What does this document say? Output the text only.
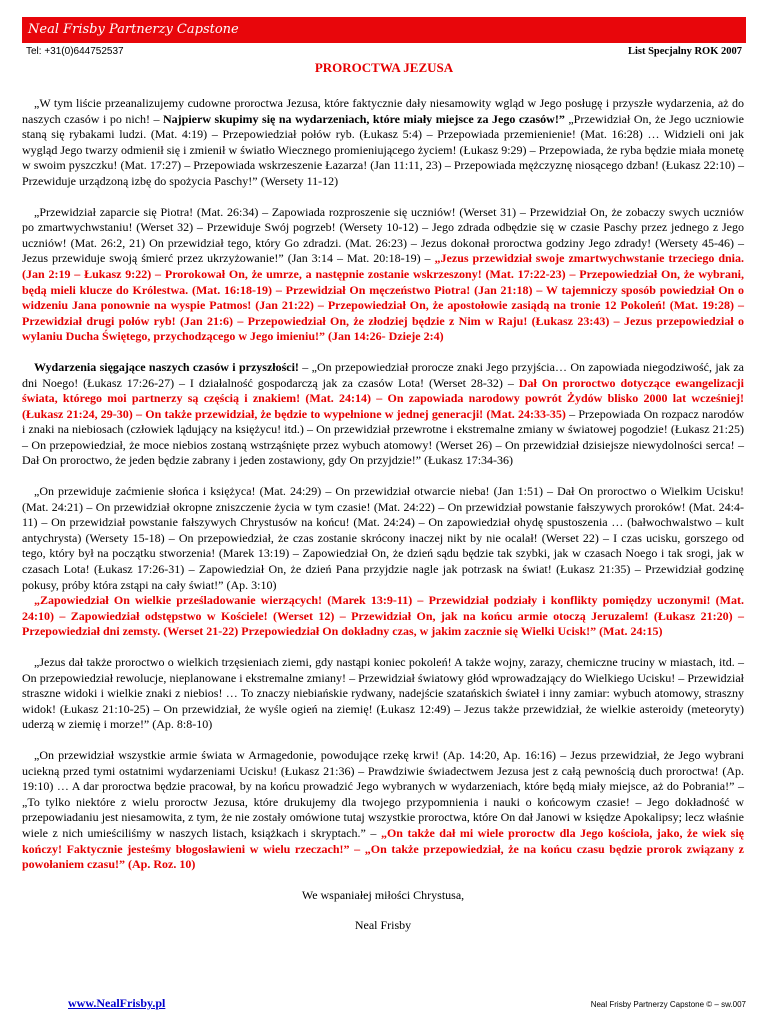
Neal Frisby Partnerzy Capstone
Tel: +31(0)644752537	List Specjalny ROK 2007
PROROCTWA JEZUSA

„W tym liście przeanalizujemy cudowne proroctwa Jezusa, które faktycznie dały niesamowity wgląd w Jego posługę i przyszłe wydarzenia, aż do naszych czasów i po nich! – Najpierw skupimy się na wydarzeniach, które miały miejsce za Jego czasów!” „Przewidział On, że Jego uczniowie staną się rybakami ludzi. (Mat. 4:19) – Przepowiedział połów ryb. (Łukasz 5:4) – Przepowiada przemienienie! (Mat. 16:28) … Widzieli oni jak wygląd Jego twarzy odmienił się i zmienił w światło Wiecznego promieniującego życiem! (Łukasz 9:29) – Przepowiada, że ryba będzie miała monetę w swoim pyszczku! (Mat. 17:27) – Przepowiada wskrzeszenie Łazarza! (Jan 11:11, 23) – Przepowiada mężczyznę niosącego dzban! (Łukasz 22:10) – Przewiduje urządzoną izbę do spożycia Paschy!” (Wersety 11-12)

„Przewidział zaparcie się Piotra! (Mat. 26:34) – Zapowiada rozproszenie się uczniów! (Werset 31) – Przewidział On, że zobaczy swych uczniów po zmartwychwstaniu! (Werset 32) – Przewiduje Swój pogrzeb! (Wersety 10-12) – Jego zdrada odbędzie się w czasie Paschy przez jednego z Jego uczniów! (Mat. 26:2, 21) On przewidział tego, który Go zdradzi. (Mat. 26:23) – Jezus dokonał proroctwa godziny Jego zdrady! (Wersety 45-46) – Jezus przewiduje swoją śmierć przez ukrzyżowanie!” (Jan 3:14 – Mat. 20:18-19) – „Jezus przewidział swoje zmartwychwstanie trzeciego dnia. (Jan 2:19 – Łukasz 9:22) – Prorokował On, że umrze, a następnie zostanie wskrzeszony! (Mat. 17:22-23) – Przepowiedział On, że wybrani, będą mieli klucze do Królestwa. (Mat. 16:18-19) – Przewidział On męczeństwo Piotra! (Jan 21:18) – W tajemniczy sposób powiedział On o widzeniu Jana ponownie na wyspie Patmos! (Jan 21:22) – Przepowiedział On, że apostołowie zasiądą na tronie 12 Pokoleń! (Mat. 19:28) – Przewidział drugi połów ryb! (Jan 21:6) – Przepowiedział On, że złodziej będzie z Nim w Raju! (Łukasz 23:43) – Jezus przepowiedział o wylaniu Ducha Świętego, przychodzącego w Jego imieniu!” (Jan 14:26- Dzieje 2:4)

Wydarzenia sięgające naszych czasów i przyszłości! – „On przepowiedział prorocze znaki Jego przyjścia… On zapowiada niegodziwość, jak za dni Noego! (Łukasz 17:26-27) – I działalność gospodarczą jak za czasów Lota! (Werset 28-32) – Dał On proroctwo dotyczące ewangelizacji świata, którego moi partnerzy są częścią i znakiem! (Mat. 24:14) – On zapowiada narodowy powrót Żydów blisko 2000 lat wcześniej! (Łukasz 21:24, 29-30) – On także przewidział, że będzie to wypełnione w jednej generacji! (Mat. 24:33-35) – Przepowiada On rozpacz narodów i znaki na niebiosach (człowiek lądujący na księżycu! itd.) – On przewidział przewrotne i ekstremalne zmiany w światowej pogodzie! (Łukasz 21:25) – On przepowiedział, że moce niebios zostaną wstrząśnięte przez wybuch atomowy! (Werset 26) – On przewidział dzisiejsze niewydolności serca! – Dał On proroctwo, że jeden będzie zabrany i jeden zostawiony, gdy On przyjdzie!” (Łukasz 17:34-36)

„On przewiduje zaćmienie słońca i księżyca! (Mat. 24:29) – On przewidział otwarcie nieba! (Jan 1:51) – Dał On proroctwo o Wielkim Ucisku! (Mat. 24:21) – On przewidział okropne zniszczenie życia w tym czasie! (Mat. 24:22) – On przewidział powstanie fałszywych proroków! (Mat. 24:4-11) – On przewidział powstanie fałszywych Chrystusów na końcu! (Mat. 24:24) – On zapowiedział ohydę spustoszenia … (bałwochwalstwo – kult antychrysta) (Wersety 15-18) – On przepowiedział, że czas zostanie skrócony inaczej nikt by nie ocalał! (Werset 22) – I czas ucisku, gorszego od tego, który był na początku stworzenia! (Marek 13:19) – Zapowiedział On, że dzień sądu będzie tak szybki, jak w czasach Noego i tak srogi, jak w czasach Lota! (Łukasz 17:26-31) – Zapowiedział On, że dzień Pana przyjdzie nagle jak potrzask na świat! (Łukasz 21:35) – Przewidział godzinę pokusy, próby która zstąpi na cały świat!” (Ap. 3:10)

„Zapowiedział On wielkie prześladowanie wierzących! (Marek 13:9-11) – Przewidział podziały i konflikty pomiędzy uczonymi! (Mat. 24:10) – Zapowiedział odstępstwo w Kościele! (Werset 12) – Przewidział On, jak na końcu armie otoczą Jeruzalem! (Łukasz 21:20) – Przepowiedział dni zemsty. (Werset 21-22) Przepowiedział On dokładny czas, w jakim zacznie się Wielki Ucisk!” (Mat. 24:15)

„Jezus dał także proroctwo o wielkich trzęsieniach ziemi, gdy nastąpi koniec pokoleń! A także wojny, zarazy, chemiczne truciny w miastach, itd. – On przepowiedział rewolucje, nieplanowane i ekstremalne zmiany! – Przewidział światowy głód wprowadzający do Wielkiego Ucisku! – Przewidział straszne widoki i wielkie znaki z niebios! … To znaczy niebiańskie rydwany, nadejście szatańskich świateł i inny zamiar: wybuch atomowy, straszny widok! (Łukasz 21:10-25) – On przewidział, że wyśle ogień na ziemię! (Łukasz 12:49) – Jezus także przewidział, że wielkie asteroidy (meteoryty) uderzą w ziemię i morze!” (Ap. 8:8-10)

„On przewidział wszystkie armie świata w Armagedonie, powodujące rzekę krwi! (Ap. 14:20, Ap. 16:16) – Jezus przewidział, że Jego wybrani uciekną przed tymi ostatnimi wydarzeniami Ucisku! (Łukasz 21:36) – Prawdziwie świadectwem Jezusa jest z całą pewnością duch proroctwa! (Ap. 19:10) … A dar proroctwa będzie pracował, by na końcu prowadzić Jego wybranych w wydarzeniach, które będą miały miejsce, aż do Pobrania!” – „To tylko niektóre z wielu proroctw Jezusa, które drukujemy dla twojego przypomnienia i nauki o końcowym czasie! – Jego dokładność w przepowiadaniu jest niesamowita, z tym, że nie zostały omówione tutaj wszystkie proroctwa, które On dał Janowi w księdze Apokalipsy; lecz właśnie wiele z nich umieściliśmy w naszych listach, książkach i skryptach.” – „On także dał mi wiele proroctw dla Jego kościoła, jako, że wiek się kończy! Faktycznie jesteśmy błogosławieni w wielu rzeczach!” – „On także przepowiedział, że na końcu czasu będzie prorok związany z powołaniem czasu!” (Ap. Roz. 10)

We wspaniałej miłości Chrystusa,

Neal Frisby

www.NealFrisby.pl	Neal Frisby Partnerzy Capstone © – sw.007
